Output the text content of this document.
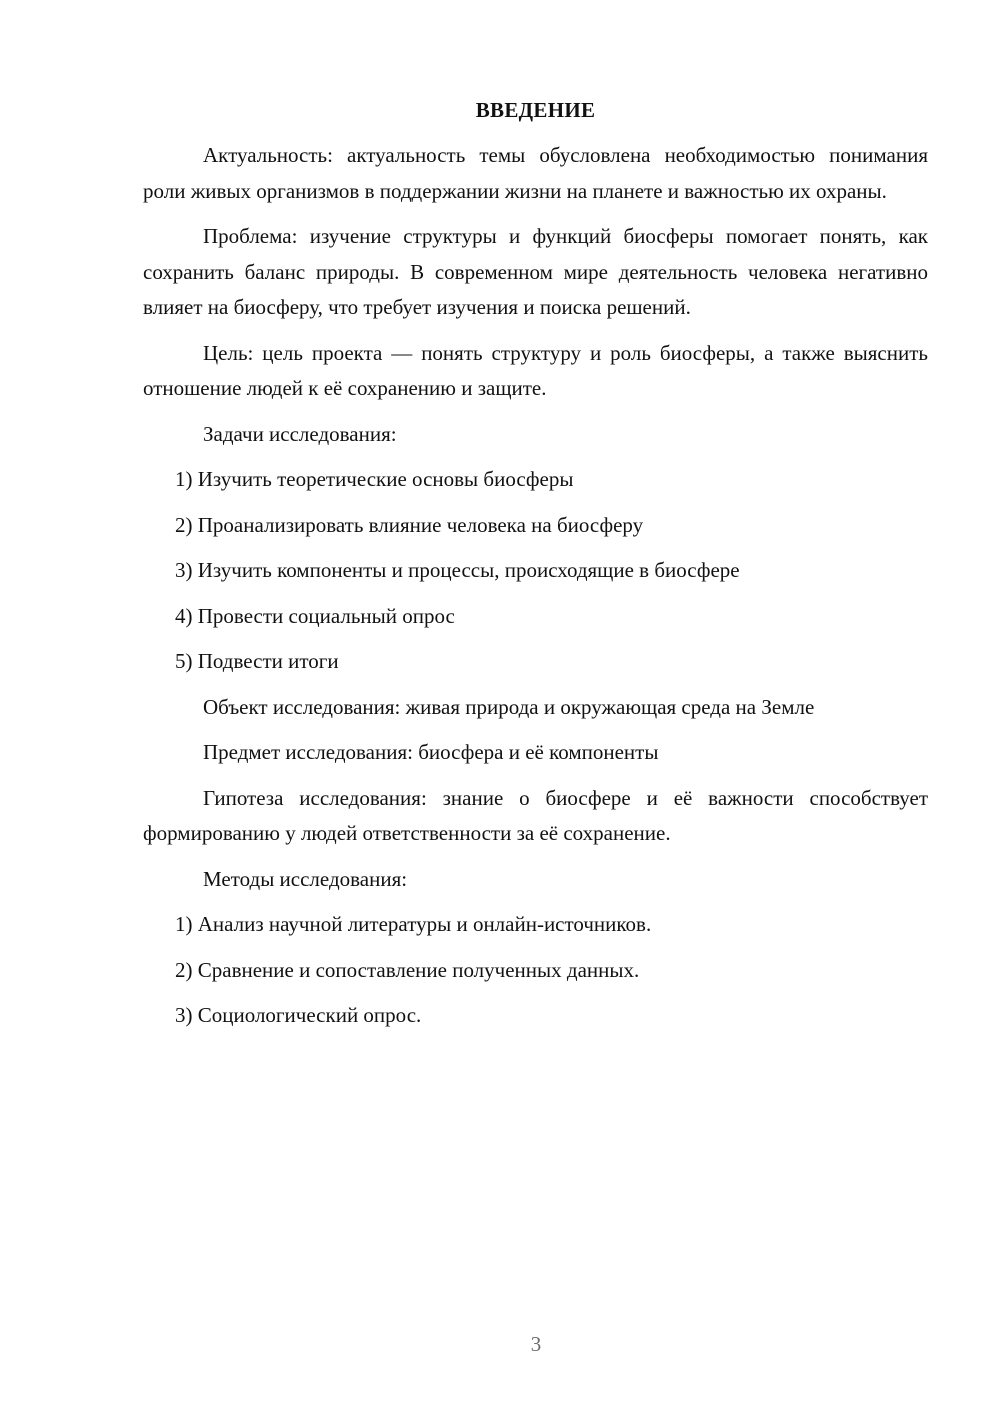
ВВЕДЕНИЕ

Актуальность: актуальность темы обусловлена необходимостью понимания роли живых организмов в поддержании жизни на планете и важностью их охраны.

Проблема: изучение структуры и функций биосферы помогает понять, как сохранить баланс природы. В современном мире деятельность человека негативно влияет на биосферу, что требует изучения и поиска решений.

Цель: цель проекта — понять структуру и роль биосферы, а также выяснить отношение людей к её сохранению и защите.

Задачи исследования:
1) Изучить теоретические основы биосферы
2) Проанализировать влияние человека на биосферу
3) Изучить компоненты и процессы, происходящие в биосфере
4) Провести социальный опрос
5) Подвести итоги
Объект исследования: живая природа и окружающая среда на Земле
Предмет исследования: биосфера и её компоненты

Гипотеза исследования: знание о биосфере и её важности способствует формированию у людей ответственности за её сохранение.

Методы исследования:
1) Анализ научной литературы и онлайн-источников.
2) Сравнение и сопоставление полученных данных.
3) Социологический опрос.
3
